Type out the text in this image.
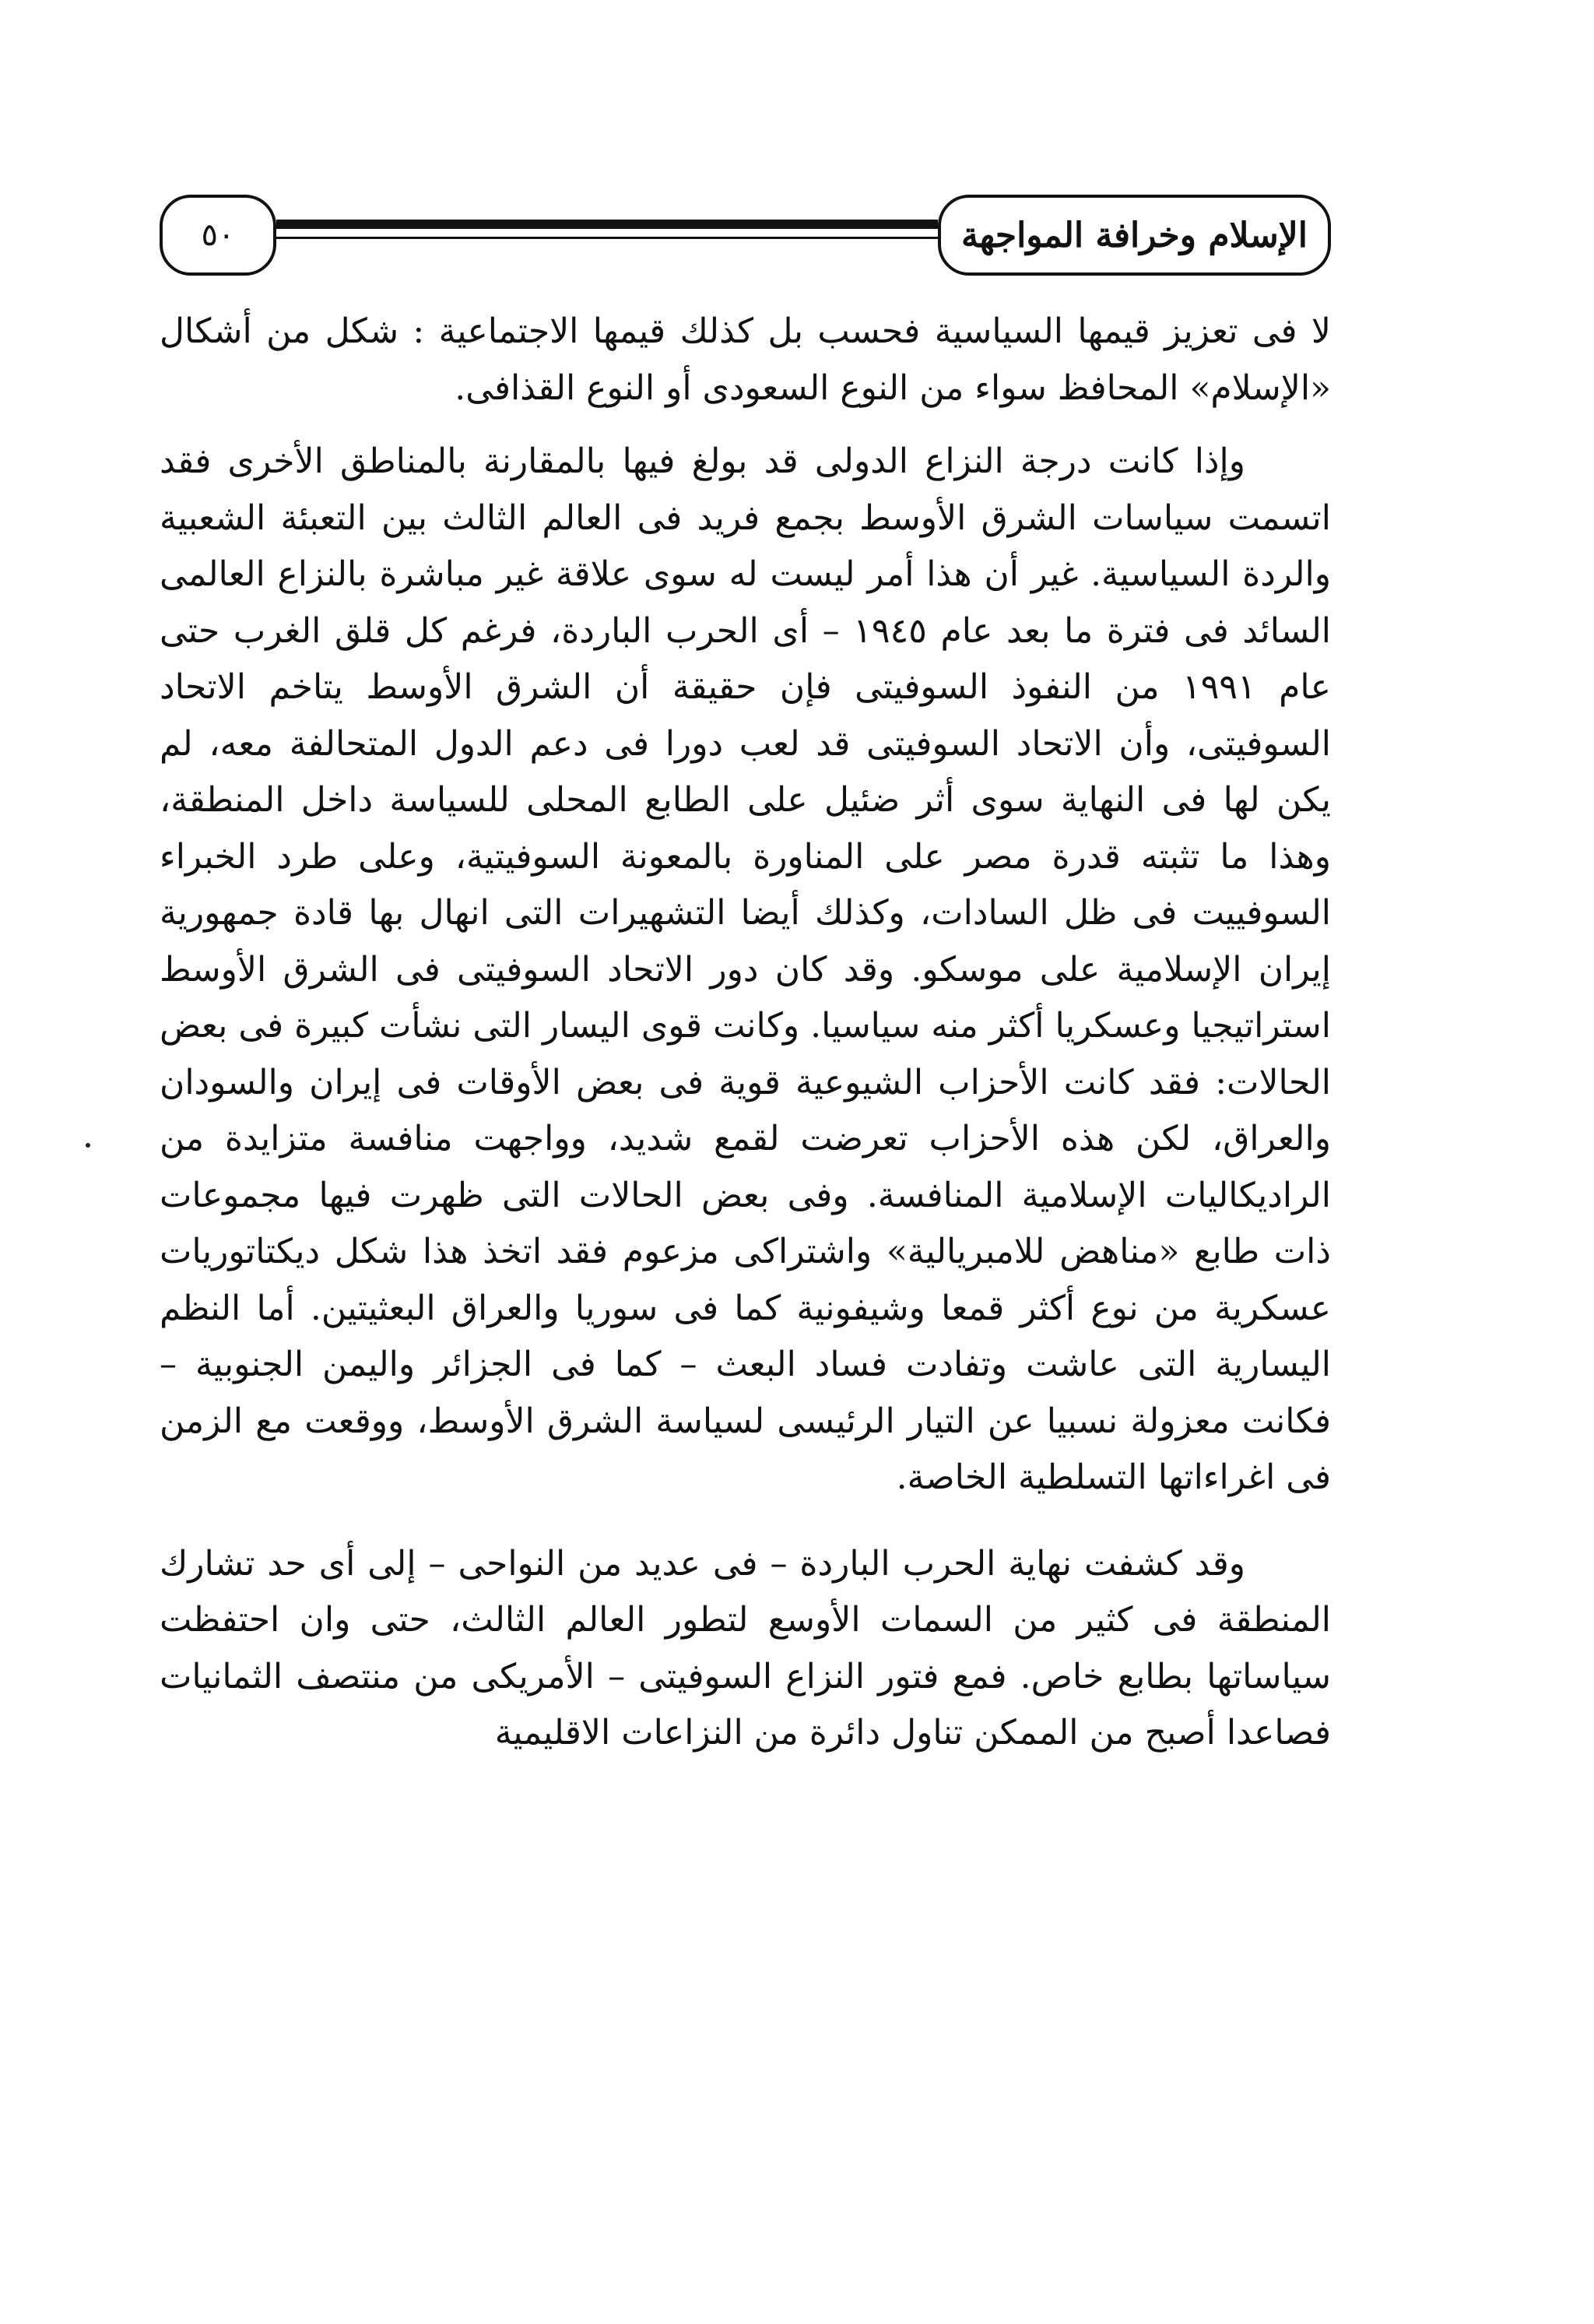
٥٠	الإسلام وخرافة المواجهة

لا فى تعزيز قيمها السياسية فحسب بل كذلك قيمها الاجتماعية : شكل من أشكال «الإسلام» المحافظ سواء من النوع السعودى أو النوع القذافى.

وإذا كانت درجة النزاع الدولى قد بولغ فيها بالمقارنة بالمناطق الأخرى فقد اتسمت سياسات الشرق الأوسط بجمع فريد فى العالم الثالث بين التعبئة الشعبية والردة السياسية. غير أن هذا أمر ليست له سوى علاقة غير مباشرة بالنزاع العالمى السائد فى فترة ما بعد عام ١٩٤٥ – أى الحرب الباردة، فرغم كل قلق الغرب حتى عام ١٩٩١ من النفوذ السوفيتى فإن حقيقة أن الشرق الأوسط يتاخم الاتحاد السوفيتى، وأن الاتحاد السوفيتى قد لعب دورا فى دعم الدول المتحالفة معه، لم يكن لها فى النهاية سوى أثر ضئيل على الطابع المحلى للسياسة داخل المنطقة، وهذا ما تثبته قدرة مصر على المناورة بالمعونة السوفيتية، وعلى طرد الخبراء السوفييت فى ظل السادات، وكذلك أيضا التشهيرات التى انهال بها قادة جمهورية إيران الإسلامية على موسكو. وقد كان دور الاتحاد السوفيتى فى الشرق الأوسط استراتيجيا وعسكريا أكثر منه سياسيا. وكانت قوى اليسار التى نشأت كبيرة فى بعض الحالات: فقد كانت الأحزاب الشيوعية قوية فى بعض الأوقات فى إيران والسودان والعراق، لكن هذه الأحزاب تعرضت لقمع شديد، وواجهت منافسة متزايدة من الراديكاليات الإسلامية المنافسة. وفى بعض الحالات التى ظهرت فيها مجموعات ذات طابع «مناهض للامبريالية» واشتراكى مزعوم فقد اتخذ هذا شكل ديكتاتوريات عسكرية من نوع أكثر قمعا وشيفونية كما فى سوريا والعراق البعثيتين. أما النظم اليسارية التى عاشت وتفادت فساد البعث – كما فى الجزائر واليمن الجنوبية – فكانت معزولة نسبيا عن التيار الرئيسى لسياسة الشرق الأوسط، ووقعت مع الزمن فى اغراءاتها التسلطية الخاصة.

وقد كشفت نهاية الحرب الباردة – فى عديد من النواحى – إلى أى حد تشارك المنطقة فى كثير من السمات الأوسع لتطور العالم الثالث، حتى وان احتفظت سياساتها بطابع خاص. فمع فتور النزاع السوفيتى – الأمريكى من منتصف الثمانيات فصاعدا أصبح من الممكن تناول دائرة من النزاعات الاقليمية
